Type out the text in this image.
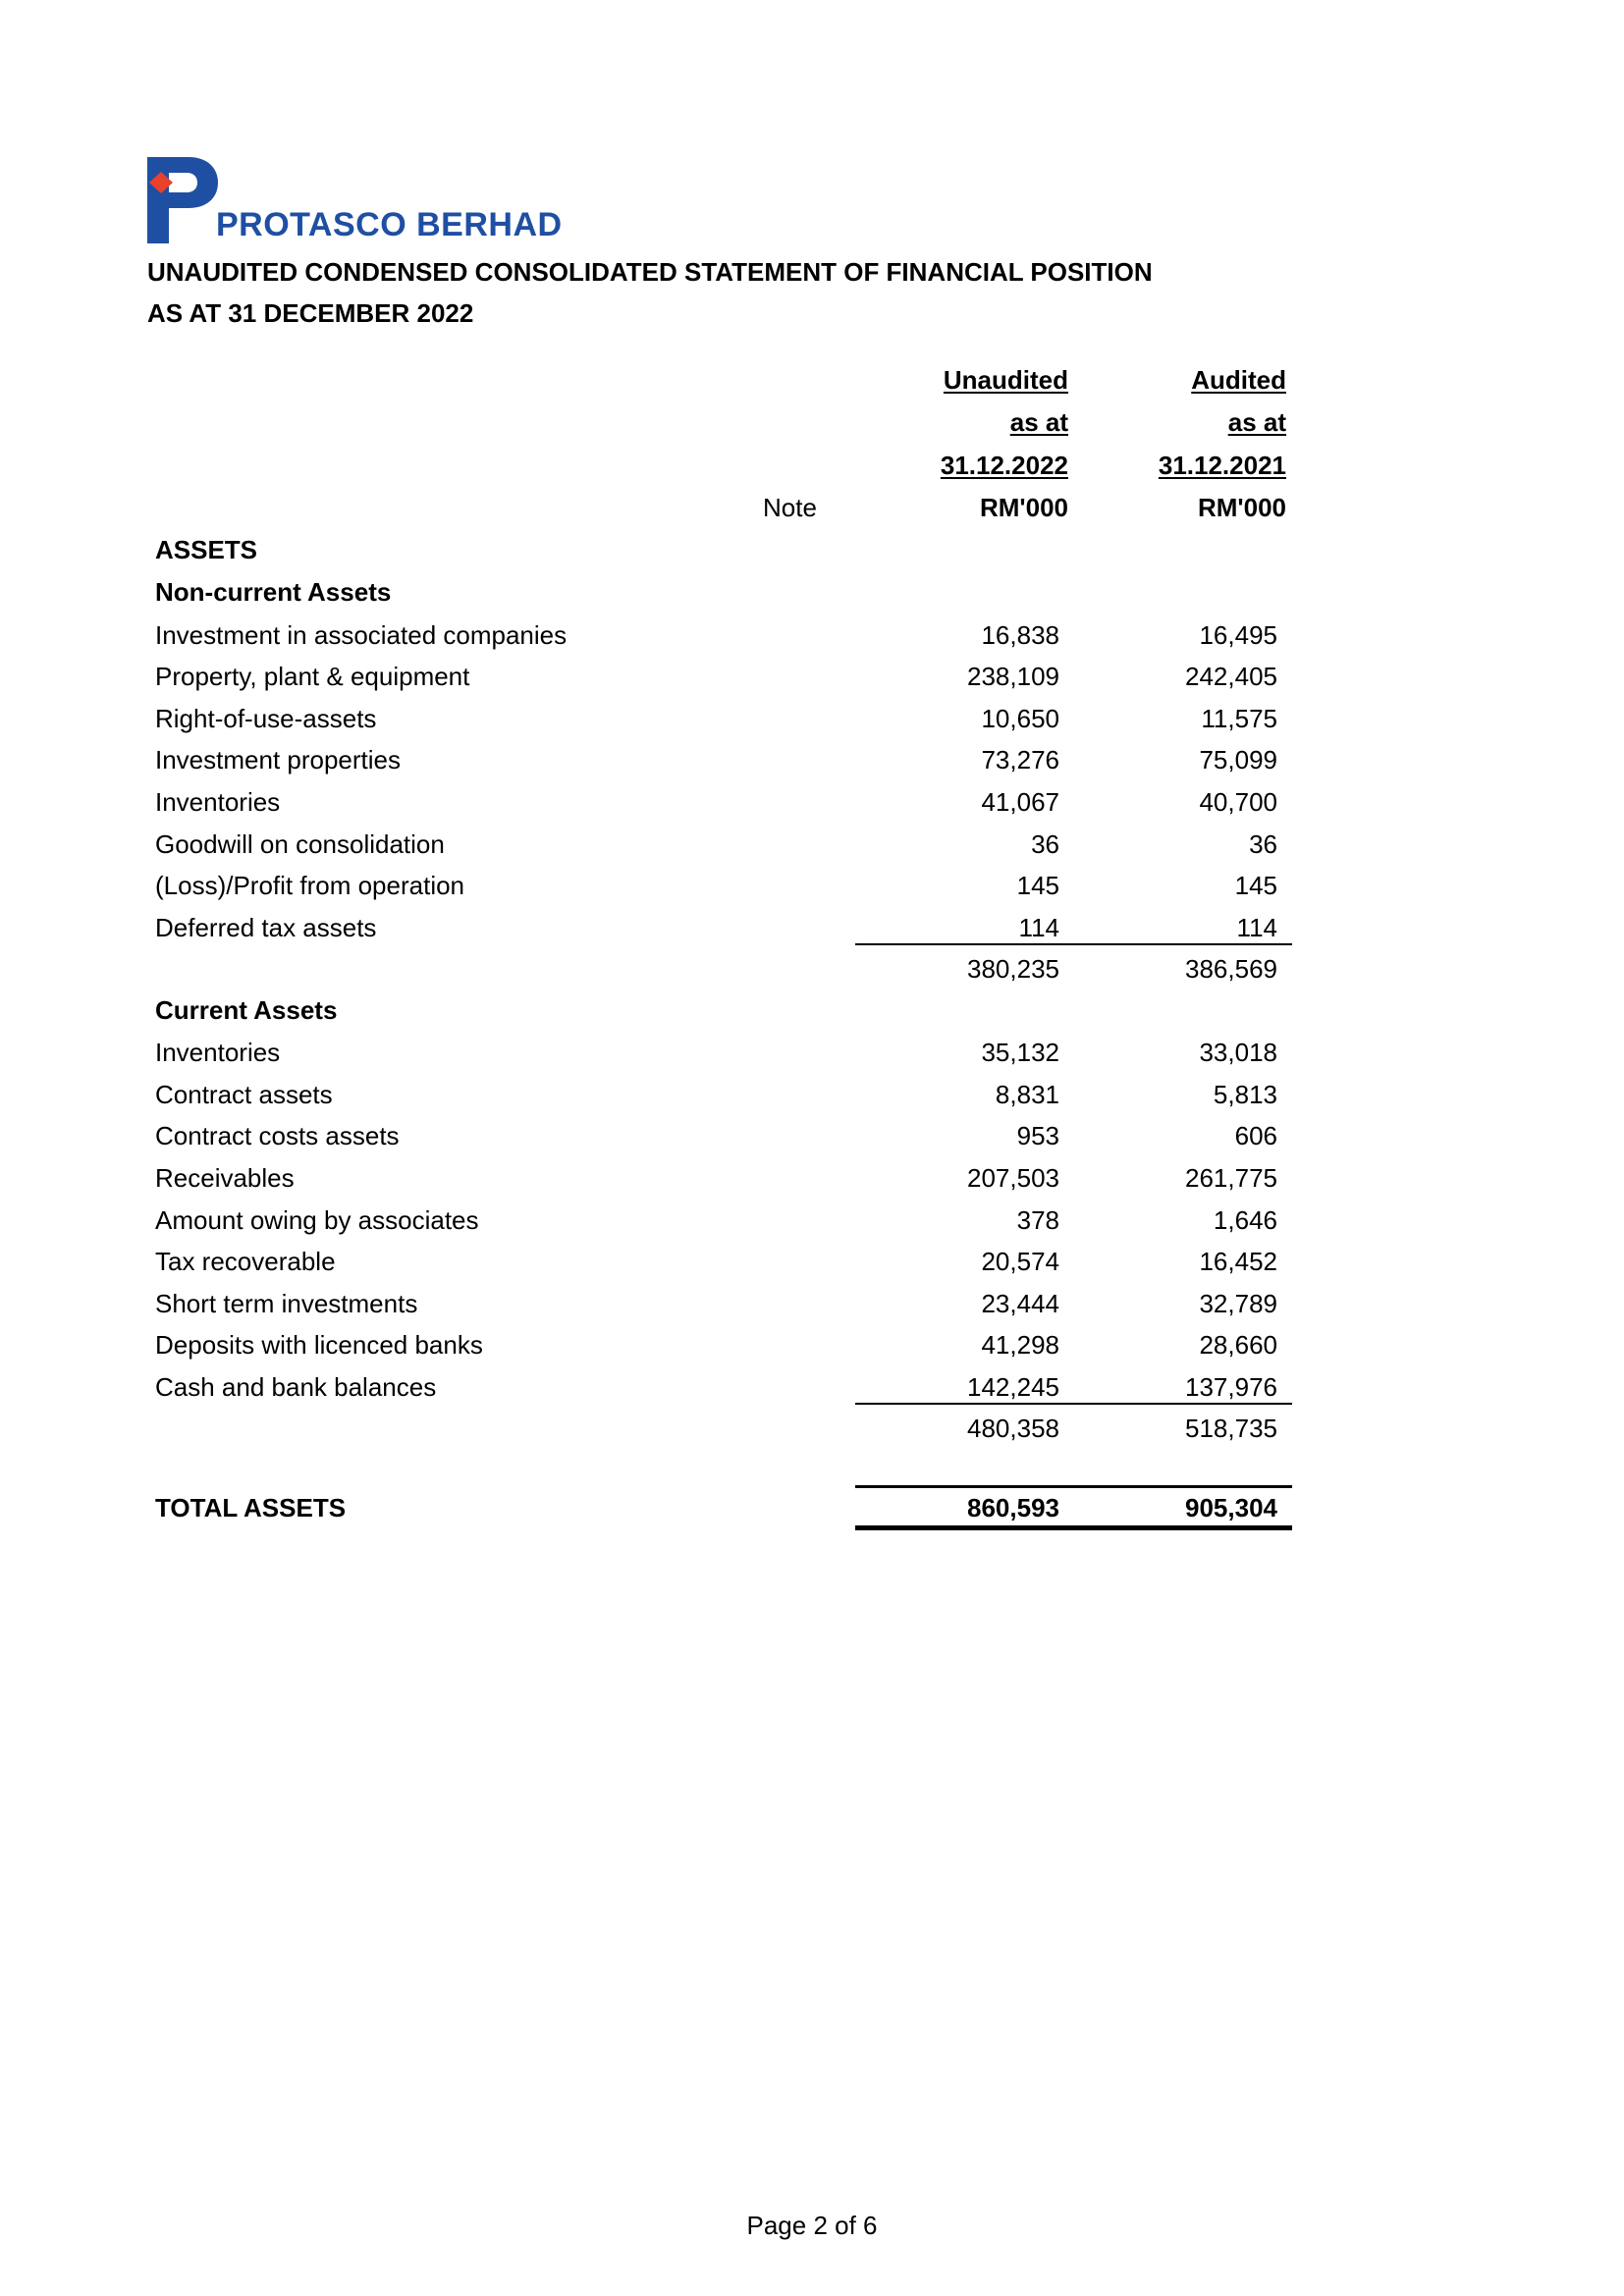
PROTASCO BERHAD
UNAUDITED CONDENSED CONSOLIDATED STATEMENT OF FINANCIAL POSITION
AS AT 31 DECEMBER 2022
Unaudited
as at
31.12.2022
RM'000
Audited
as at
31.12.2021
RM'000
Note
ASSETS
Non-current Assets
Investment in associated companies	16,838	16,495
Property, plant & equipment	238,109	242,405
Right-of-use-assets	10,650	11,575
Investment properties	73,276	75,099
Inventories	41,067	40,700
Goodwill on consolidation	36	36
(Loss)/Profit from operation	145	145
Deferred tax assets	114	114
380,235	386,569
Current Assets
Inventories	35,132	33,018
Contract assets	8,831	5,813
Contract costs assets	953	606
Receivables	207,503	261,775
Amount owing by associates	378	1,646
Tax recoverable	20,574	16,452
Short term investments	23,444	32,789
Deposits with licenced banks	41,298	28,660
Cash and bank balances	142,245	137,976
480,358	518,735
TOTAL ASSETS	860,593	905,304
Page 2 of 6
